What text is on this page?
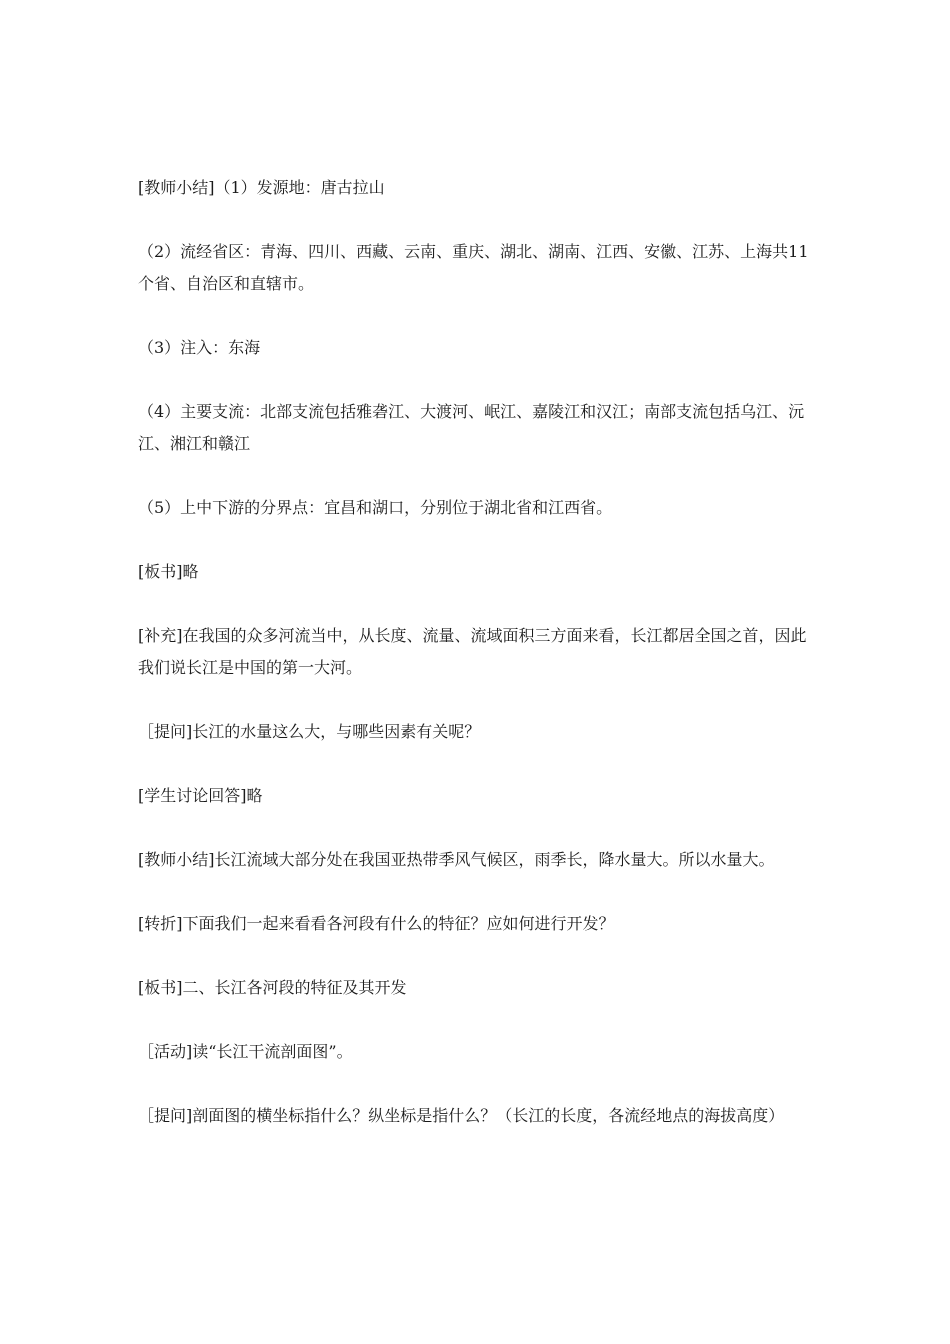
[教师小结]（1）发源地：唐古拉山

（2）流经省区：青海、四川、西藏、云南、重庆、湖北、湖南、江西、安徽、江苏、上海共11个省、自治区和直辖市。

（3）注入：东海

（4）主要支流：北部支流包括雅砻江、大渡河、岷江、嘉陵江和汉江；南部支流包括乌江、沅江、湘江和赣江

（5）上中下游的分界点：宜昌和湖口，分别位于湖北省和江西省。

[板书]略

[补充]在我国的众多河流当中，从长度、流量、流域面积三方面来看，长江都居全国之首，因此我们说长江是中国的第一大河。

［提问]长江的水量这么大，与哪些因素有关呢？

[学生讨论回答]略

[教师小结]长江流域大部分处在我国亚热带季风气候区，雨季长，降水量大。所以水量大。

[转折]下面我们一起来看看各河段有什么的特征？应如何进行开发？

[板书]二、长江各河段的特征及其开发

［活动]读“长江干流剖面图”。

［提问]剖面图的横坐标指什么？纵坐标是指什么？（长江的长度，各流经地点的海拔高度）
